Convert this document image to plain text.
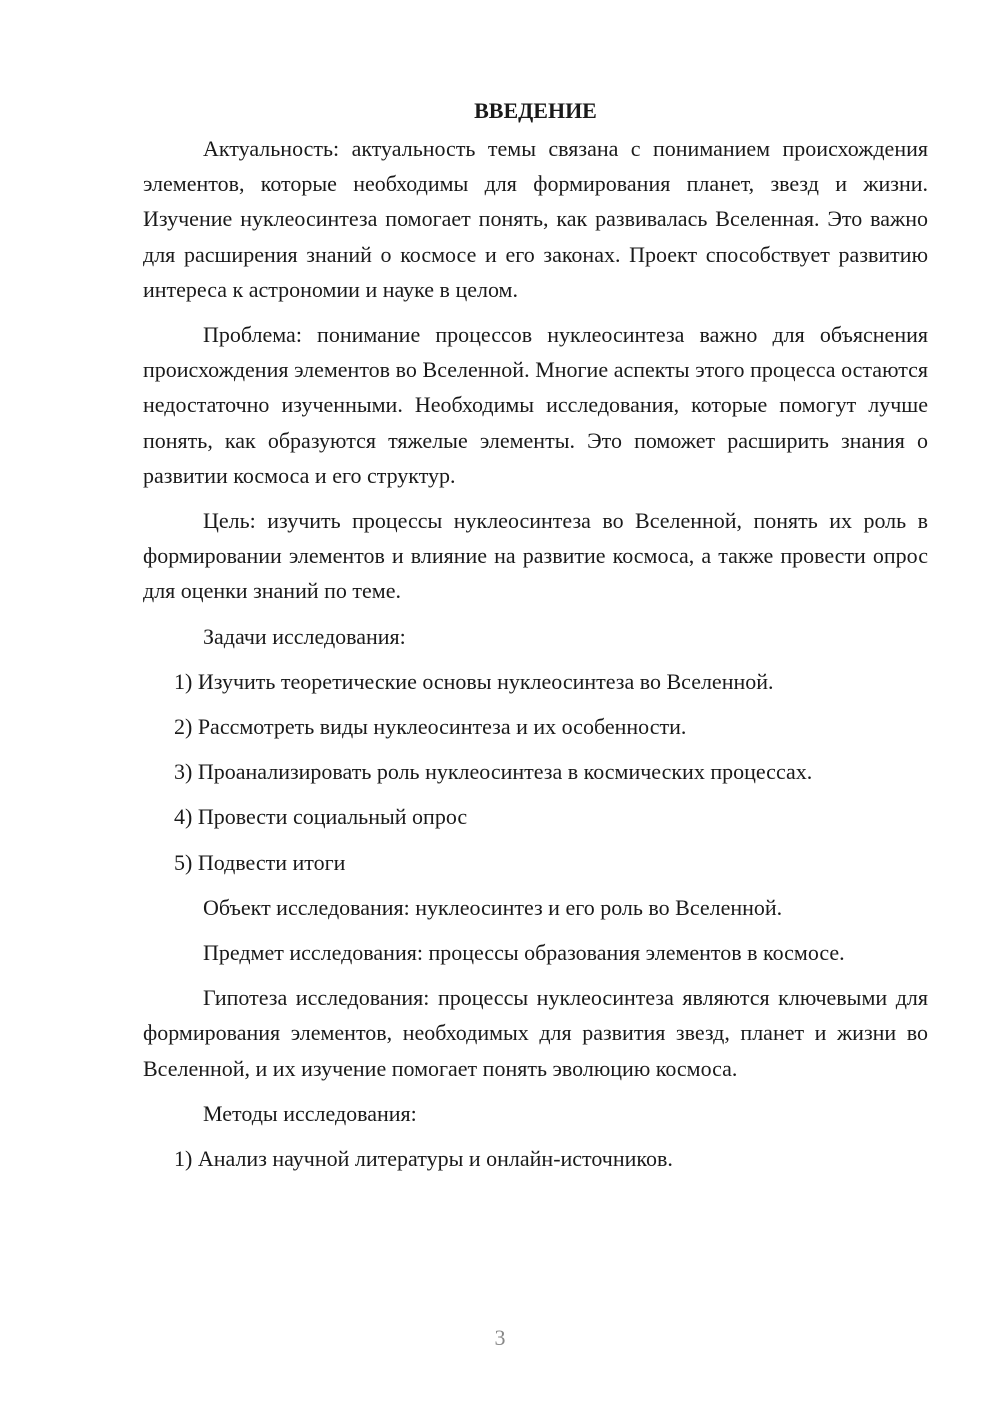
ВВЕДЕНИЕ

Актуальность: актуальность темы связана с пониманием происхождения элементов, которые необходимы для формирования планет, звезд и жизни. Изучение нуклеосинтеза помогает понять, как развивалась Вселенная. Это важно для расширения знаний о космосе и его законах. Проект способствует развитию интереса к астрономии и науке в целом.

Проблема: понимание процессов нуклеосинтеза важно для объяснения происхождения элементов во Вселенной. Многие аспекты этого процесса остаются недостаточно изученными. Необходимы исследования, которые помогут лучше понять, как образуются тяжелые элементы. Это поможет расширить знания о развитии космоса и его структур.

Цель: изучить процессы нуклеосинтеза во Вселенной, понять их роль в формировании элементов и влияние на развитие космоса, а также провести опрос для оценки знаний по теме.

Задачи исследования:

1) Изучить теоретические основы нуклеосинтеза во Вселенной.

2) Рассмотреть виды нуклеосинтеза и их особенности.

3) Проанализировать роль нуклеосинтеза в космических процессах.

4) Провести социальный опрос

5) Подвести итоги

Объект исследования: нуклеосинтез и его роль во Вселенной.

Предмет исследования: процессы образования элементов в космосе.

Гипотеза исследования: процессы нуклеосинтеза являются ключевыми для формирования элементов, необходимых для развития звезд, планет и жизни во Вселенной, и их изучение помогает понять эволюцию космоса.

Методы исследования:

1) Анализ научной литературы и онлайн-источников.

3
